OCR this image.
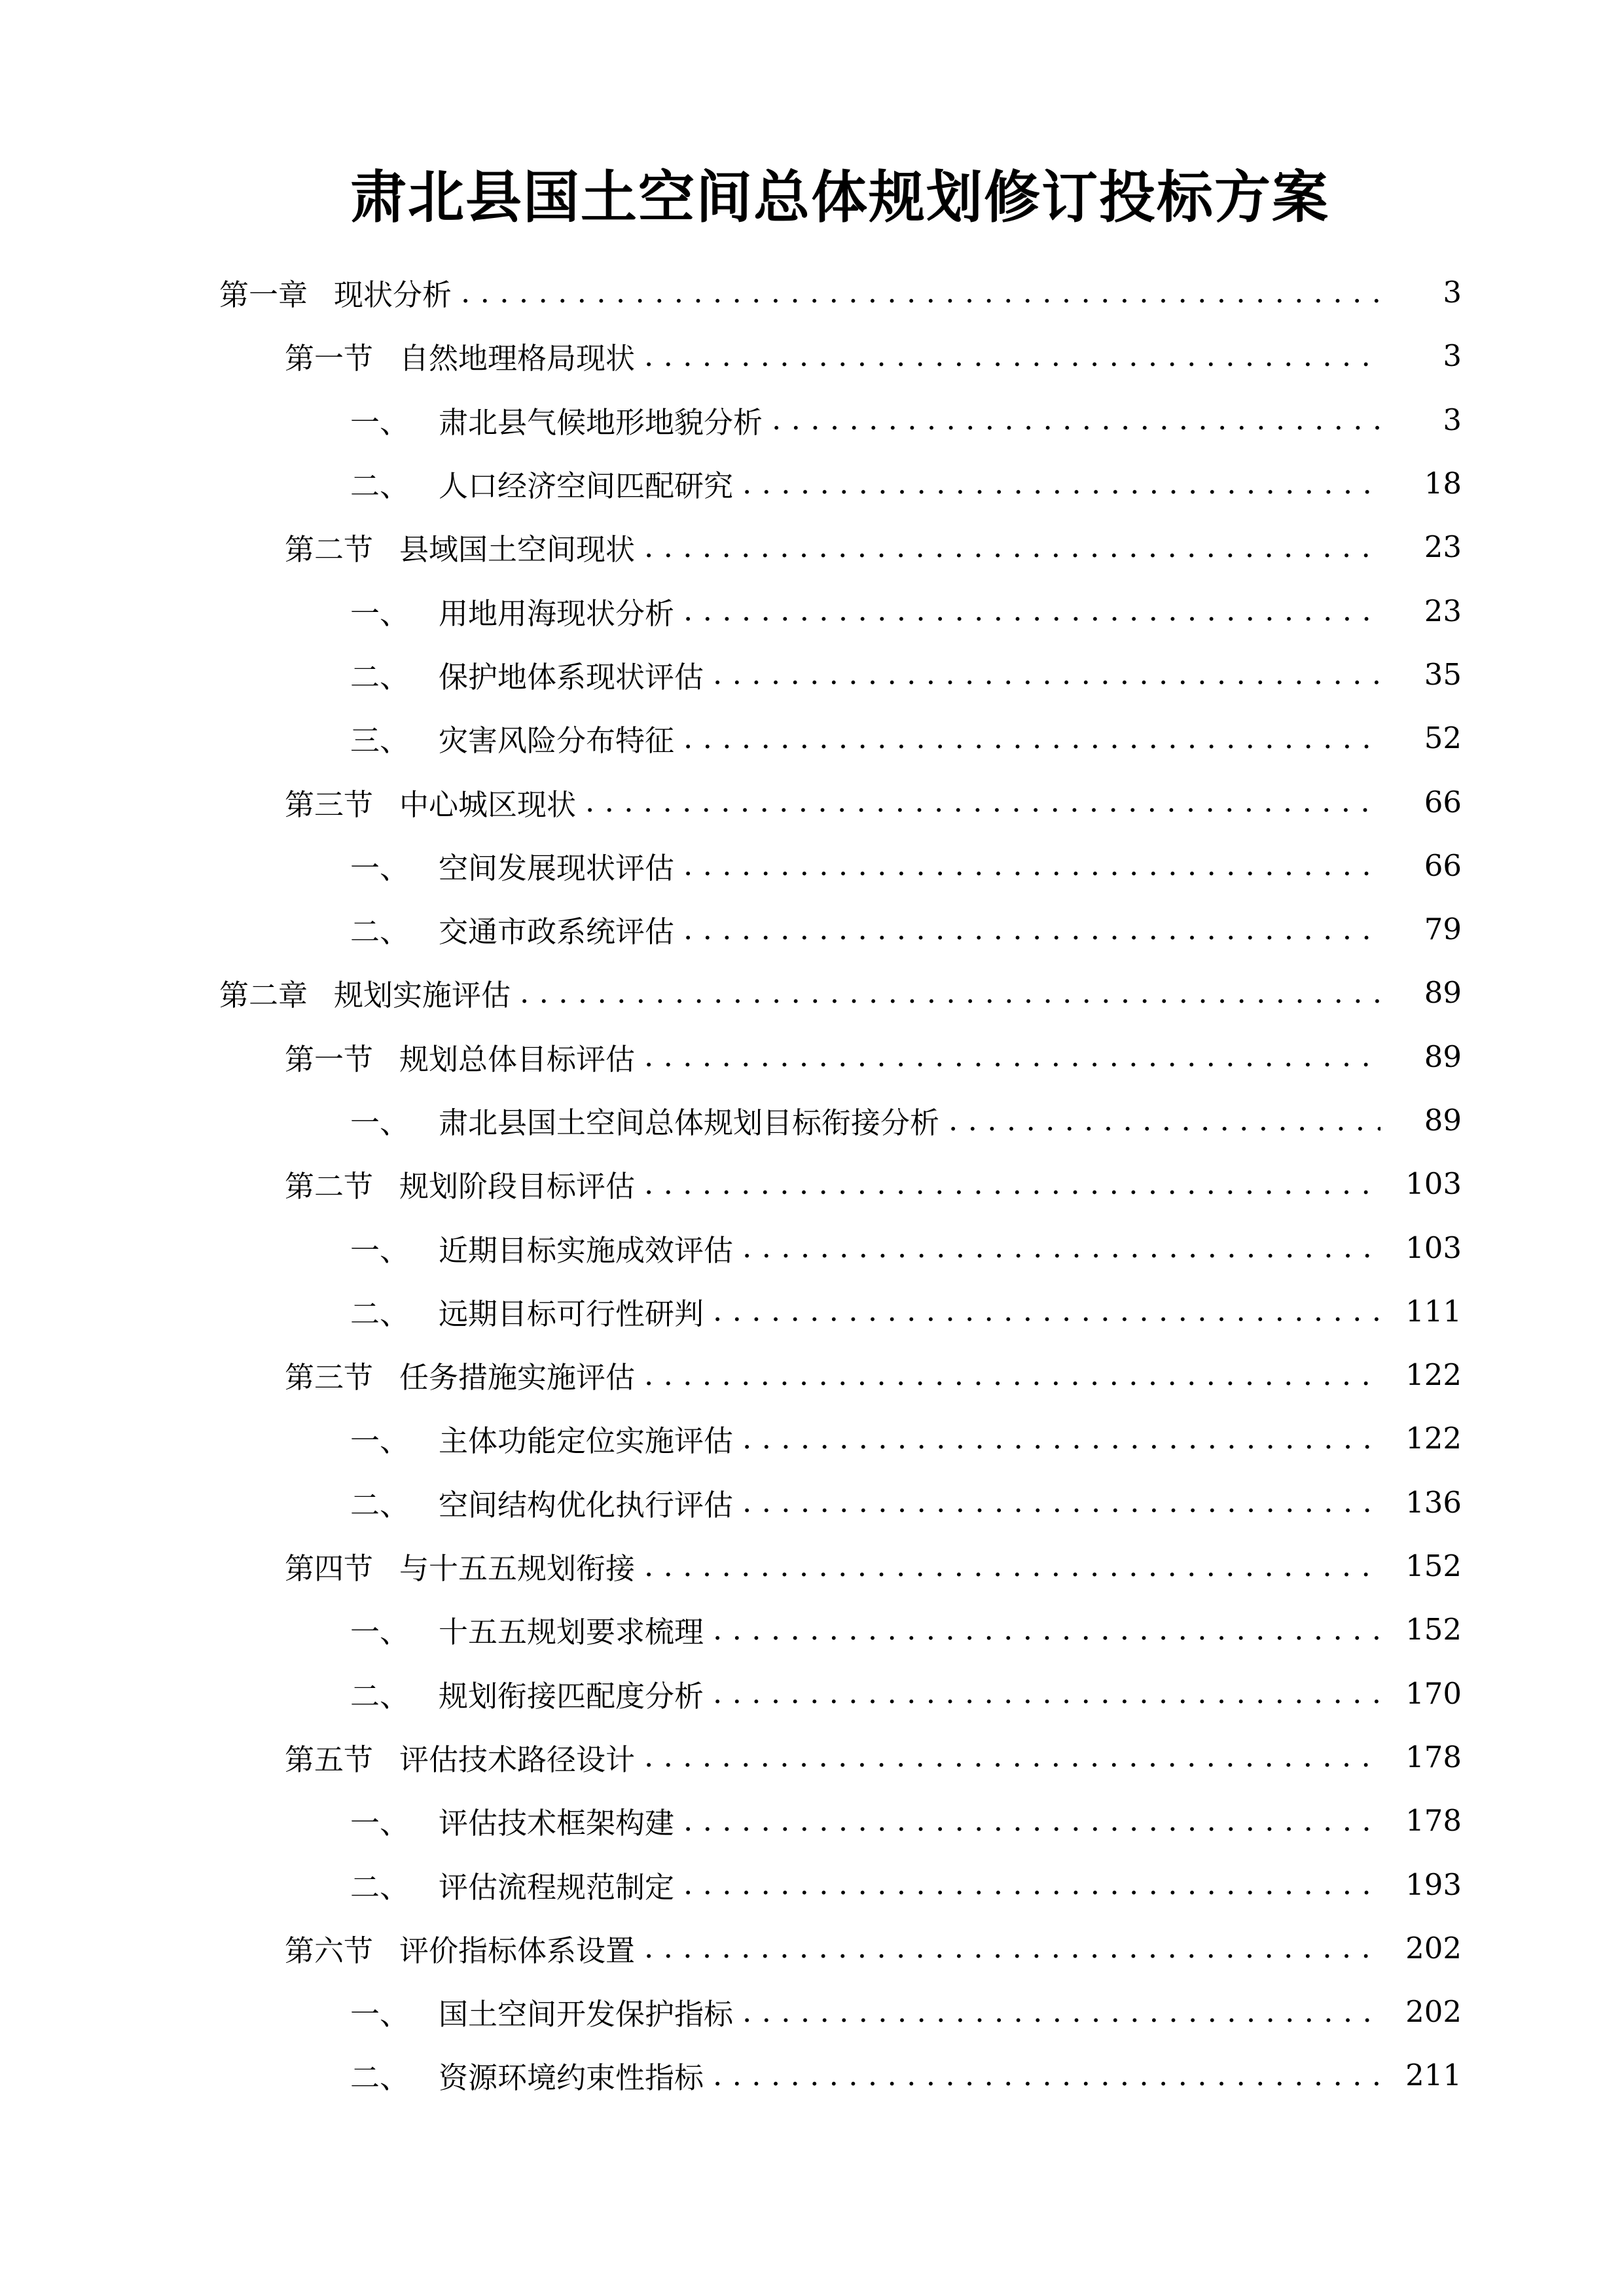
肃北县国土空间总体规划修订投标方案
第一章 现状分析 . . .	3
第一节 自然地理格局现状 . . .	3
一、 肃北县气候地形地貌分析 . . .	3
二、 人口经济空间匹配研究 . . .	18
第二节 县域国土空间现状 . . .	23
一、 用地用海现状分析 . . .	23
二、 保护地体系现状评估 . . .	35
三、 灾害风险分布特征 . . .	52
第三节 中心城区现状 . . .	66
一、 空间发展现状评估 . . .	66
二、 交通市政系统评估 . . .	79
第二章 规划实施评估 . . .	89
第一节 规划总体目标评估 . . .	89
一、 肃北县国土空间总体规划目标衔接分析 . . .	89
第二节 规划阶段目标评估 . . .	103
一、 近期目标实施成效评估 . . .	103
二、 远期目标可行性研判 . . .	111
第三节 任务措施实施评估 . . .	122
一、 主体功能定位实施评估 . . .	122
二、 空间结构优化执行评估 . . .	136
第四节 与十五五规划衔接 . . .	152
一、 十五五规划要求梳理 . . .	152
二、 规划衔接匹配度分析 . . .	170
第五节 评估技术路径设计 . . .	178
一、 评估技术框架构建 . . .	178
二、 评估流程规范制定 . . .	193
第六节 评价指标体系设置 . . .	202
一、 国土空间开发保护指标 . . .	202
二、 资源环境约束性指标 . . .	211
